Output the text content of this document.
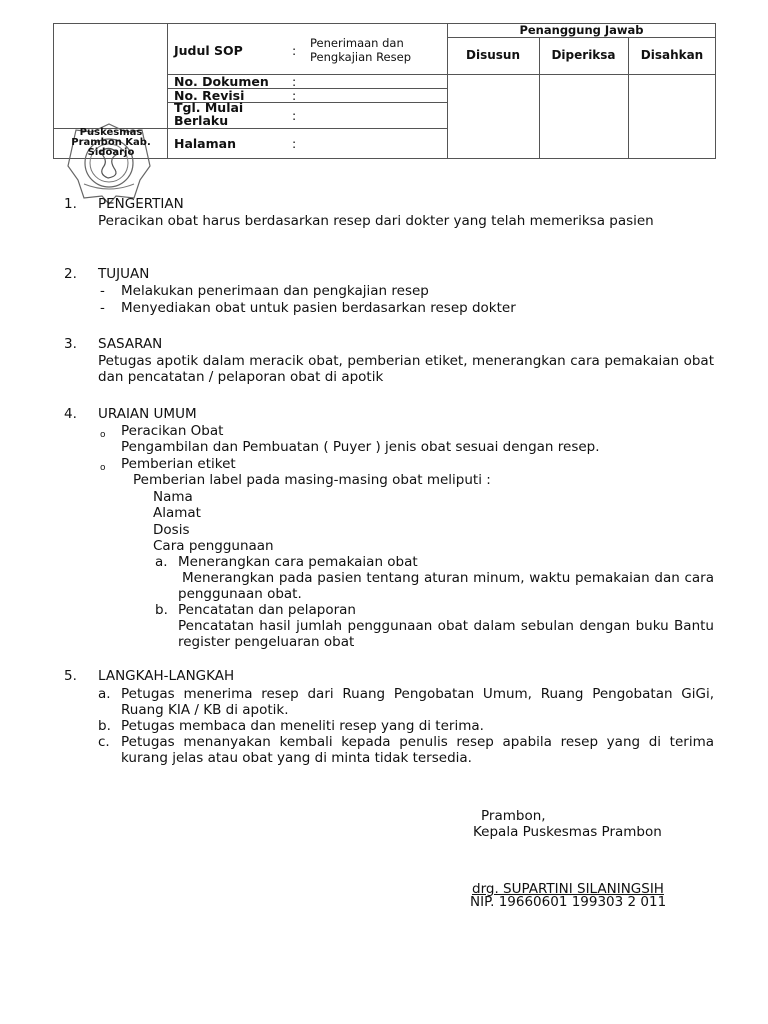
Puskesmas Prambon Kab. Sidoarjo
Judul SOP	: Penerimaan dan Pengkajian Resep
No. Dokumen :
No. Revisi	:
Tgl. Mulai Berlaku	:
Halaman	:
Penanggung Jawab
Disusun	Diperiksa	Disahkan
1. PENGERTIAN
Peracikan obat harus berdasarkan resep dari dokter yang telah memeriksa pasien
2. TUJUAN
- Melakukan penerimaan dan pengkajian resep
- Menyediakan obat untuk pasien berdasarkan resep dokter
3. SASARAN
Petugas apotik dalam meracik obat, pemberian etiket, menerangkan cara pemakaian obat dan pencatatan / pelaporan obat di apotik
4. URAIAN UMUM
o Peracikan Obat
Pengambilan dan Pembuatan ( Puyer ) jenis obat sesuai dengan resep.
o Pemberian etiket
Pemberian label pada masing-masing obat meliputi :
Nama
Alamat
Dosis
Cara penggunaan
a. Menerangkan cara pemakaian obat
Menerangkan pada pasien tentang aturan minum, waktu pemakaian dan cara penggunaan obat.
b. Pencatatan dan pelaporan
Pencatatan hasil jumlah penggunaan obat dalam sebulan dengan buku Bantu register pengeluaran obat
5. LANGKAH-LANGKAH
a. Petugas menerima resep dari Ruang Pengobatan Umum, Ruang Pengobatan GiGi, Ruang KIA / KB di apotik.
b. Petugas membaca dan meneliti resep yang di terima.
c. Petugas menanyakan kembali kepada penulis resep apabila resep yang di terima kurang jelas atau obat yang di minta tidak tersedia.
Prambon,
Kepala Puskesmas Prambon
drg. SUPARTINI SILANINGSIH
NIP. 19660601 199303 2 011
